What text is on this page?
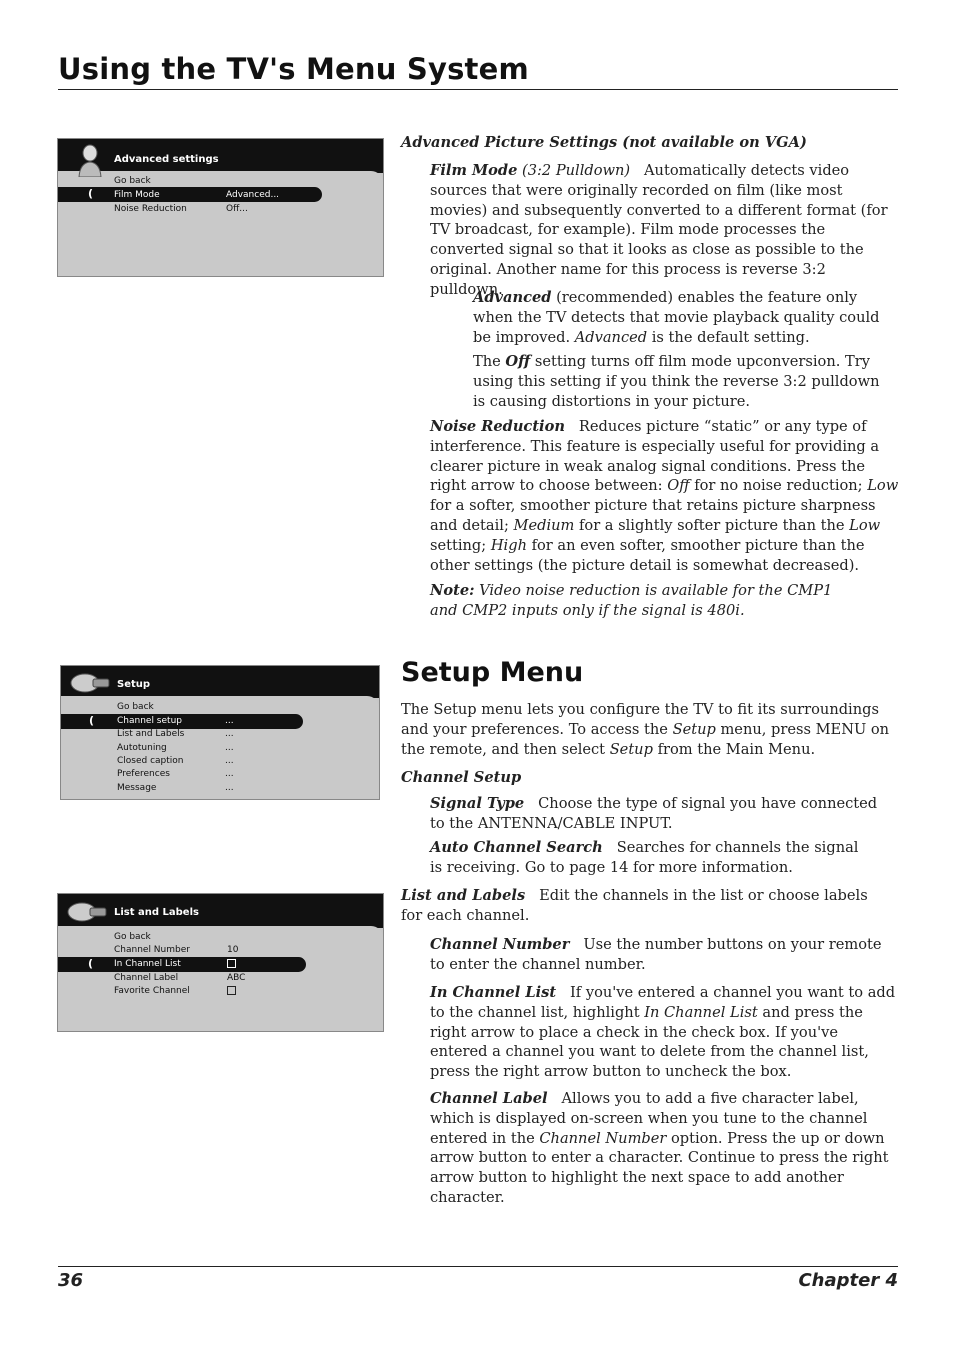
Using the TV's Menu System
Advanced settings
(
Go back
Film Mode	Advanced...
Noise Reduction	Off...
Setup
(
Go back
Channel setup	...
List and Labels	...
Autotuning	...
Closed caption	...
Preferences	...
Message	...
List and Labels
(
Go back
Channel Number	10
In Channel List
Channel Label	ABC
Favorite Channel

Advanced Picture Settings (not available on VGA)

Film Mode (3:2 Pulldown) Automatically detects video sources that were originally recorded on film (like most movies) and subsequently converted to a different format (for TV broadcast, for example). Film mode processes the converted signal so that it looks as close as possible to the original. Another name for this process is reverse 3:2 pulldown.

Advanced (recommended) enables the feature only when the TV detects that movie playback quality could be improved. Advanced is the default setting.

The Off setting turns off film mode upconversion. Try using this setting if you think the reverse 3:2 pulldown is causing distortions in your picture.

Noise Reduction Reduces picture “static” or any type of interference. This feature is especially useful for providing a clearer picture in weak analog signal conditions. Press the right arrow to choose between: Off for no noise reduction; Low for a softer, smoother picture that retains picture sharpness and detail; Medium for a slightly softer picture than the Low setting; High for an even softer, smoother picture than the other settings (the picture detail is somewhat decreased).

Note: Video noise reduction is available for the CMP1 and CMP2 inputs only if the signal is 480i.

Setup Menu

The Setup menu lets you configure the TV to fit its surroundings and your preferences. To access the Setup menu, press MENU on the remote, and then select Setup from the Main Menu.

Channel Setup

Signal Type Choose the type of signal you have connected to the ANTENNA/CABLE INPUT.

Auto Channel Search Searches for channels the signal is receiving. Go to page 14 for more information.

List and Labels Edit the channels in the list or choose labels for each channel.

Channel Number Use the number buttons on your remote to enter the channel number.

In Channel List If you've entered a channel you want to add to the channel list, highlight In Channel List and press the right arrow to place a check in the check box. If you've entered a channel you want to delete from the channel list, press the right arrow button to uncheck the box.

Channel Label Allows you to add a five character label, which is displayed on-screen when you tune to the channel entered in the Channel Number option. Press the up or down arrow button to enter a character. Continue to press the right arrow button to highlight the next space to add another character.

36	Chapter 4
